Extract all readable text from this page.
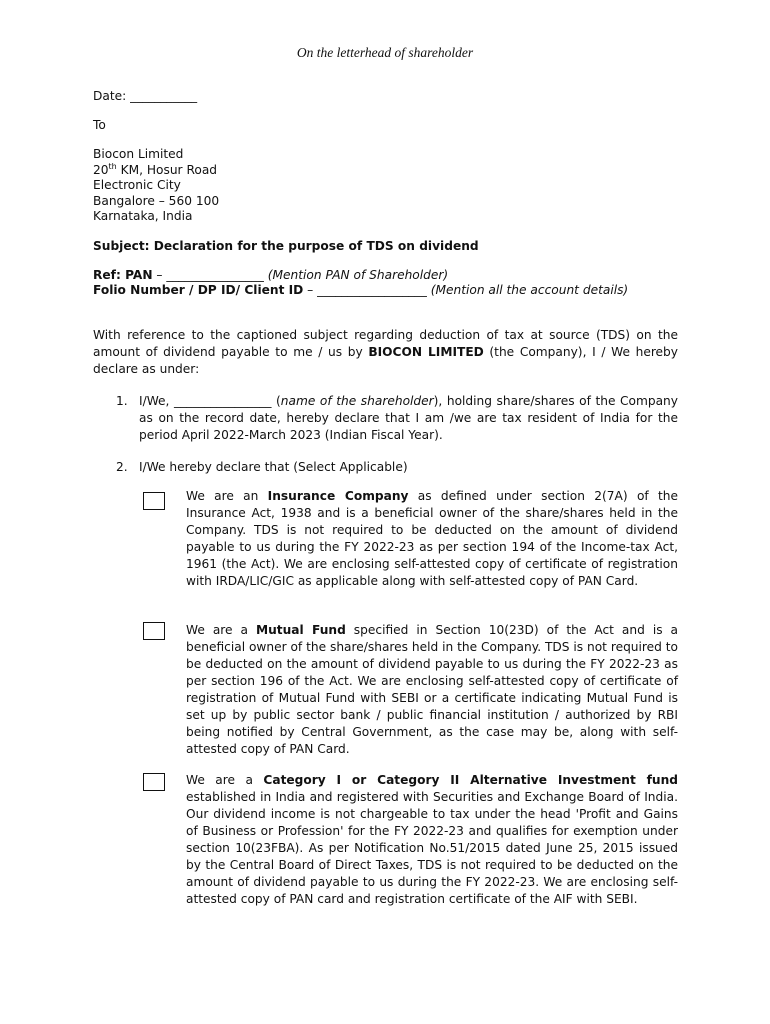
On the letterhead of shareholder
Date: ___________
To
Biocon Limited
20th KM, Hosur Road
Electronic City
Bangalore – 560 100
Karnataka, India
Subject: Declaration for the purpose of TDS on dividend
Ref: PAN – ________________ (Mention PAN of Shareholder)
Folio Number / DP ID/ Client ID – __________________ (Mention all the account details)
With reference to the captioned subject regarding deduction of tax at source (TDS) on the amount of dividend payable to me / us by BIOCON LIMITED (the Company), I / We hereby declare as under:
1. I/We, ________________ (name of the shareholder), holding share/shares of the Company as on the record date, hereby declare that I am /we are tax resident of India for the period April 2022-March 2023 (Indian Fiscal Year).
2. I/We hereby declare that (Select Applicable)
We are an Insurance Company as defined under section 2(7A) of the Insurance Act, 1938 and is a beneficial owner of the share/shares held in the Company. TDS is not required to be deducted on the amount of dividend payable to us during the FY 2022-23 as per section 194 of the Income-tax Act, 1961 (the Act). We are enclosing self-attested copy of certificate of registration with IRDA/LIC/GIC as applicable along with self-attested copy of PAN Card.
We are a Mutual Fund specified in Section 10(23D) of the Act and is a beneficial owner of the share/shares held in the Company. TDS is not required to be deducted on the amount of dividend payable to us during the FY 2022-23 as per section 196 of the Act. We are enclosing self-attested copy of certificate of registration of Mutual Fund with SEBI or a certificate indicating Mutual Fund is set up by public sector bank / public financial institution / authorized by RBI being notified by Central Government, as the case may be, along with self-attested copy of PAN Card.
We are a Category I or Category II Alternative Investment fund established in India and registered with Securities and Exchange Board of India. Our dividend income is not chargeable to tax under the head 'Profit and Gains of Business or Profession' for the FY 2022-23 and qualifies for exemption under section 10(23FBA). As per Notification No.51/2015 dated June 25, 2015 issued by the Central Board of Direct Taxes, TDS is not required to be deducted on the amount of dividend payable to us during the FY 2022-23. We are enclosing self-attested copy of PAN card and registration certificate of the AIF with SEBI.
